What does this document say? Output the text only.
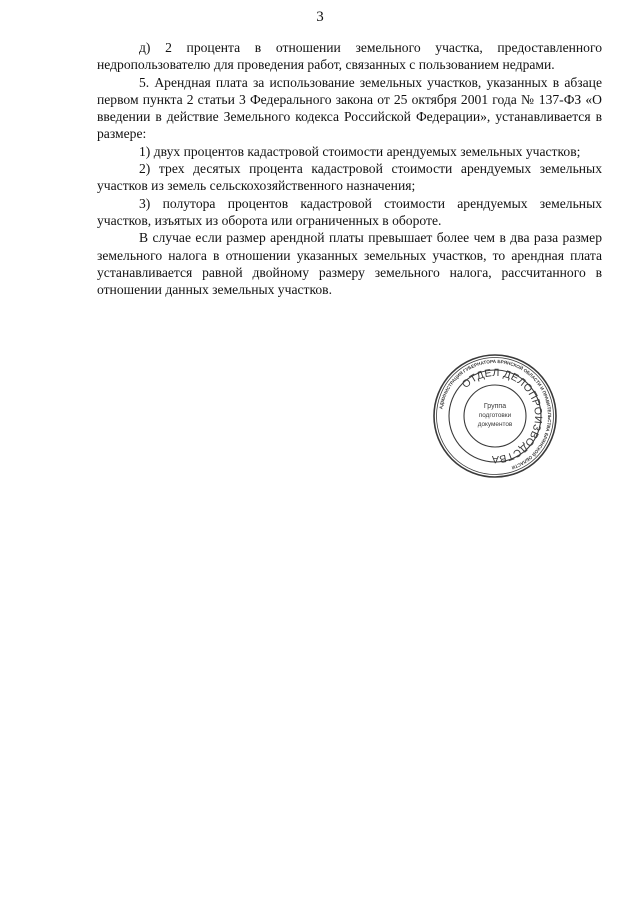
3

д) 2 процента в отношении земельного участка, предоставленного недропользователю для проведения работ, связанных с пользованием недрами.

5. Арендная плата за использование земельных участков, указанных в абзаце первом пункта 2 статьи 3 Федерального закона от 25 октября 2001 года № 137-ФЗ «О введении в действие Земельного кодекса Российской Федерации», устанавливается в размере:

1) двух процентов кадастровой стоимости арендуемых земельных участков;

2) трех десятых процента кадастровой стоимости арендуемых земельных участков из земель сельскохозяйственного назначения;

3) полутора процентов кадастровой стоимости арендуемых земельных участков, изъятых из оборота или ограниченных в обороте.

В случае если размер арендной платы превышает более чем в два раза размер земельного налога в отношении указанных земельных участков, то арендная плата устанавливается равной двойному размеру земельного налога, рассчитанного в отношении данных земельных участков.

АДМИНИСТРАЦИЯ ГУБЕРНАТОРА БРЯНСКОЙ ОБЛАСТИ И ПРАВИТЕЛЬСТВА БРЯНСКОЙ ОБЛАСТИ
ОТДЕЛ ДЕЛОПРОИЗВОДСТВА
Группа
подготовки
документов
